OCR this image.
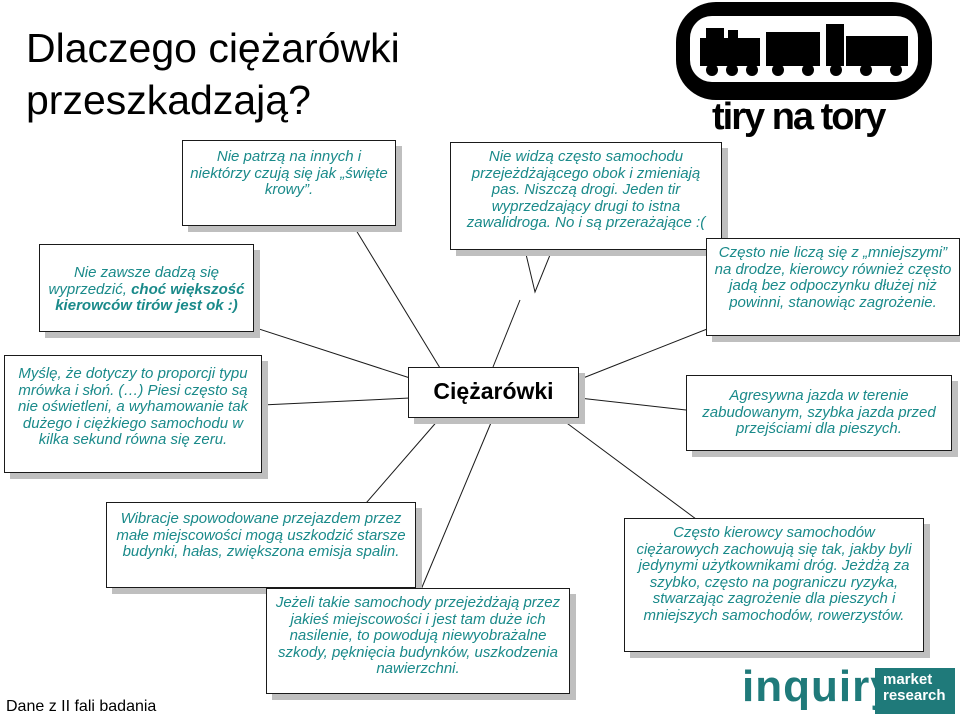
Dlaczego ciężarówki
przeszkadzają?	tiry na tory
Nie patrzą na innych i niektórzy czują się jak „święte krowy”.
Nie widzą często samochodu przejeżdżającego obok i zmieniają pas. Niszczą drogi. Jeden tir wyprzedzający drugi to istna zawalidroga. No i są przerażające :(
Nie zawsze dadzą się wyprzedzić, choć większość kierowców tirów jest ok :)
Często nie liczą się z „mniejszymi” na drodze, kierowcy również często jadą bez odpoczynku dłużej niż powinni, stanowiąc zagrożenie.
Myślę, że dotyczy to proporcji typu mrówka i słoń. (…) Piesi często są nie oświetleni, a wyhamowanie tak dużego i ciężkiego samochodu w kilka sekund równa się zeru.
Ciężarówki	Agresywna jazda w terenie zabudowanym, szybka jazda przed przejściami dla pieszych.
Wibracje spowodowane przejazdem przez małe miejscowości mogą uszkodzić starsze budynki, hałas, zwiększona emisja spalin.
Często kierowcy samochodów ciężarowych zachowują się tak, jakby byli jedynymi użytkownikami dróg. Jeżdżą za szybko, często na pograniczu ryzyka, stwarzając zagrożenie dla pieszych i mniejszych samochodów, rowerzystów.
Jeżeli takie samochody przejeżdżają przez jakieś miejscowości i jest tam duże ich nasilenie, to powodują niewyobrażalne szkody, pęknięcia budynków, uszkodzenia nawierzchni.
Dane z II fali badania	inquiry
market
research
